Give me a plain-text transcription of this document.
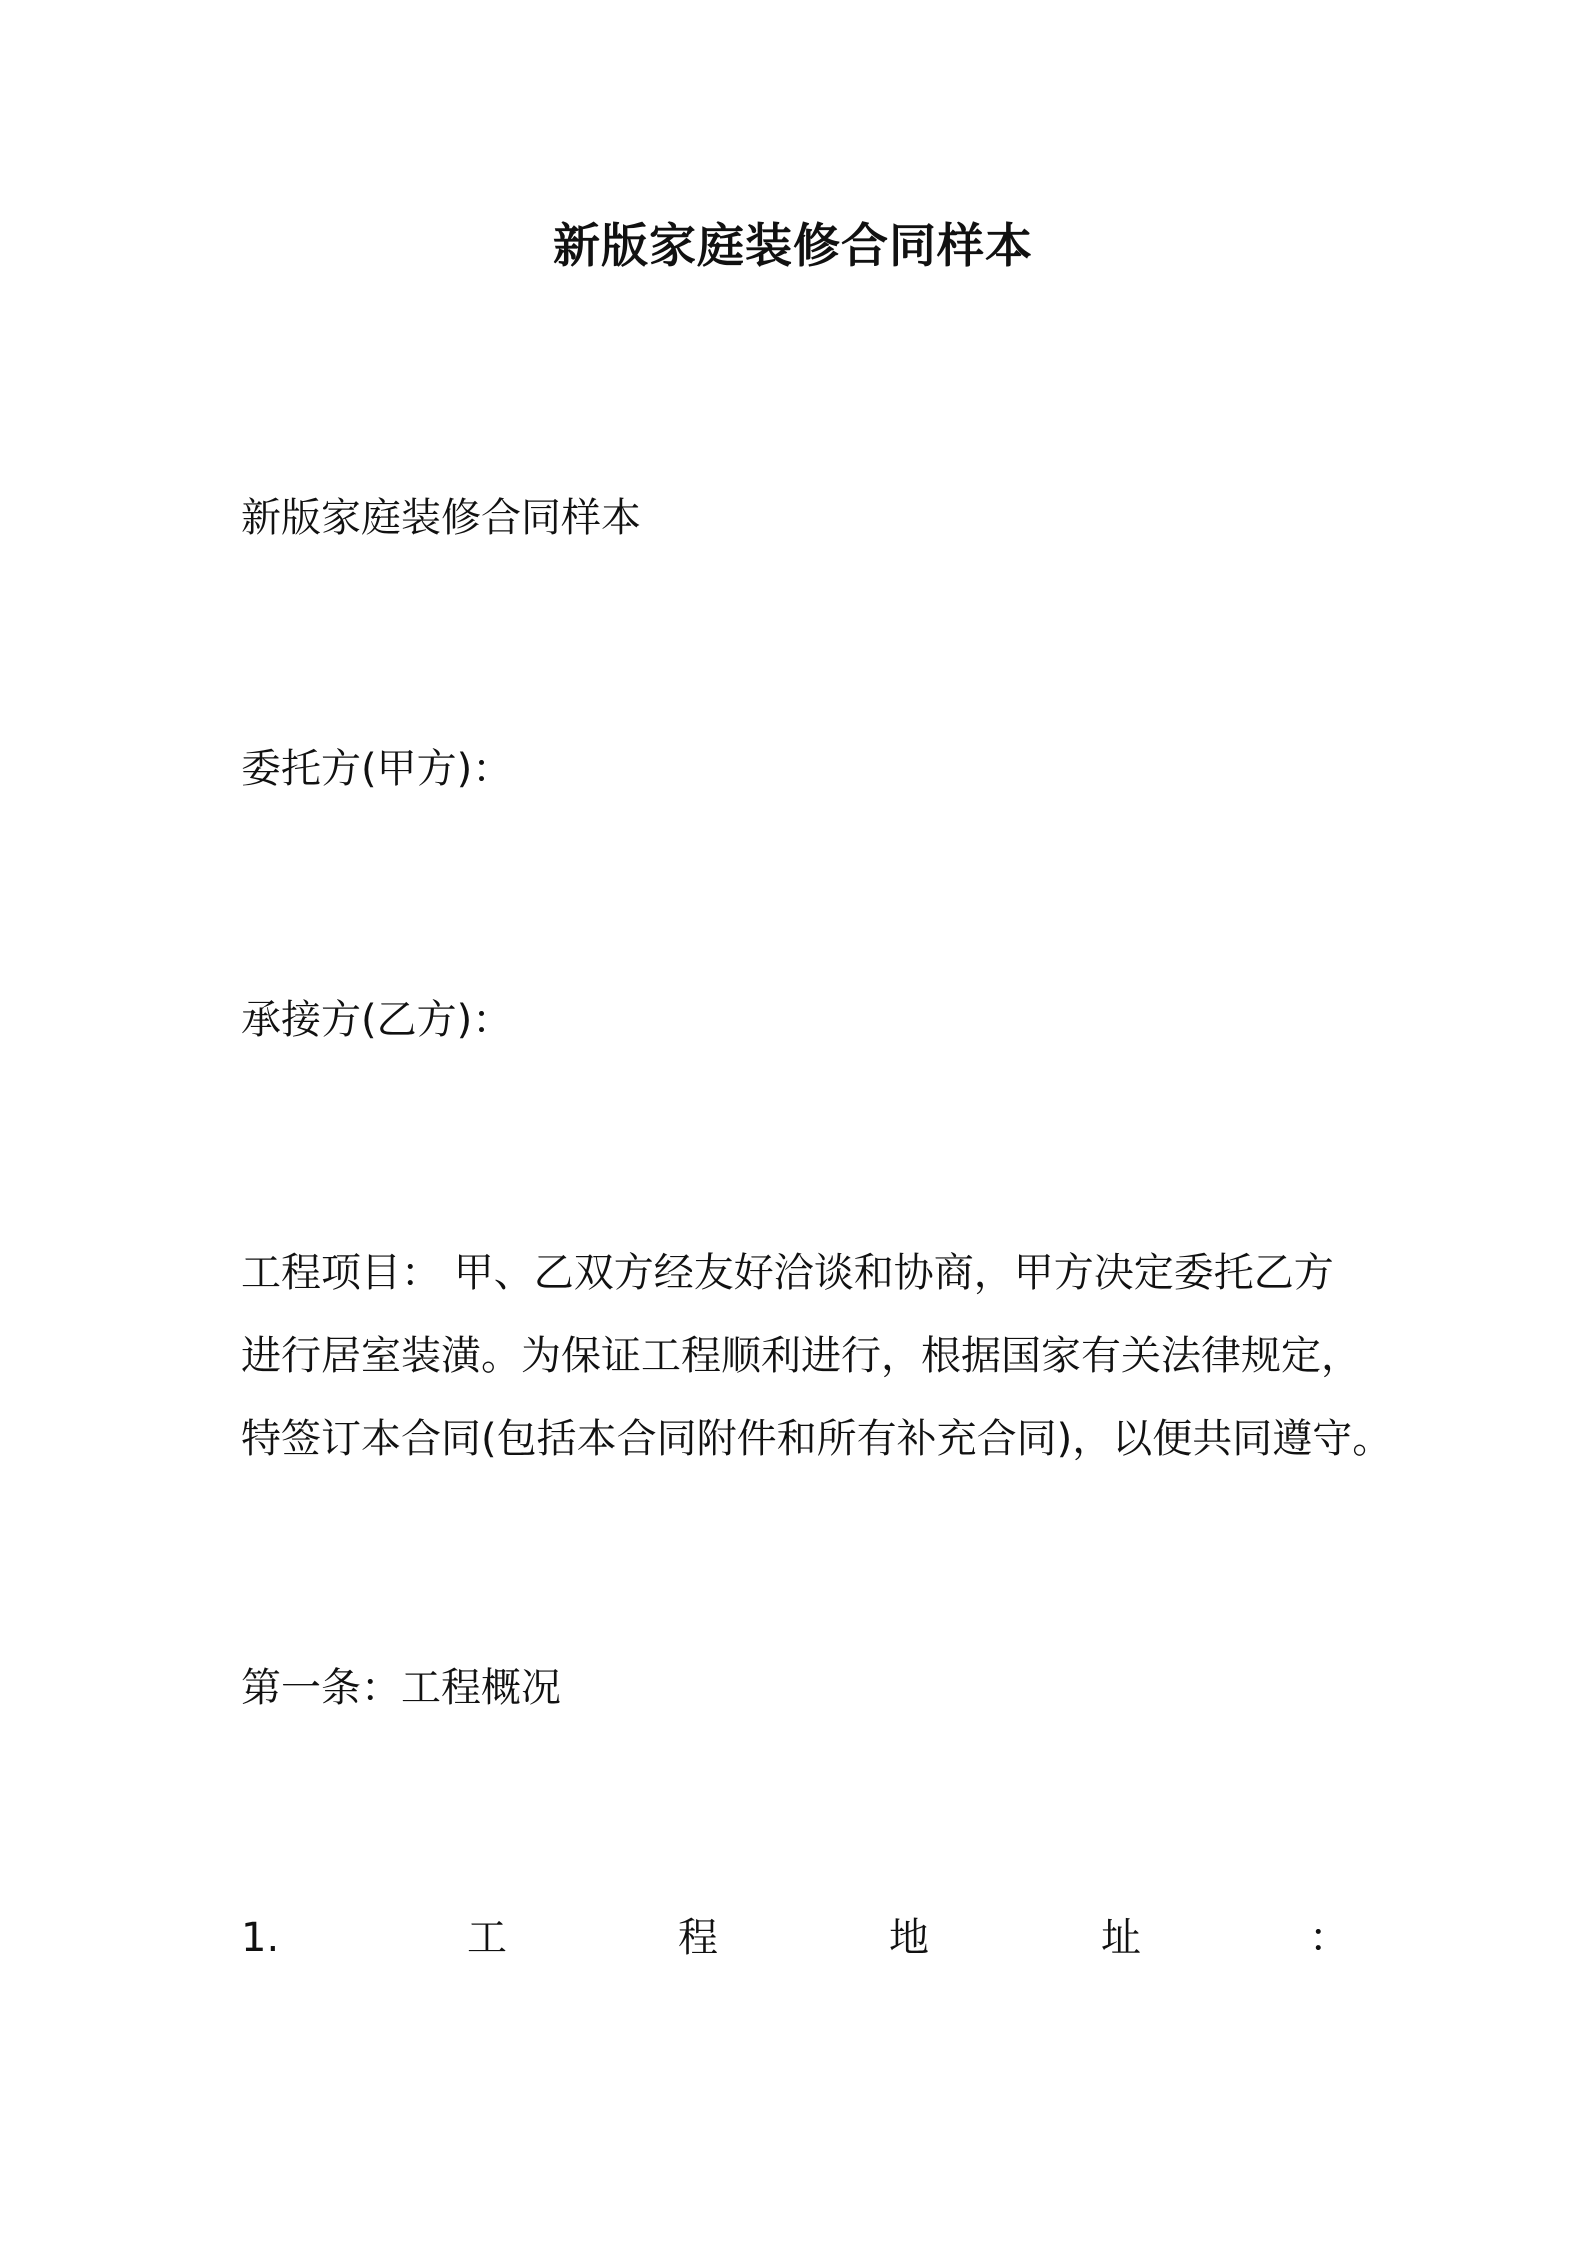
新版家庭装修合同样本
新版家庭装修合同样本
委托方(甲方)：
承接方(乙方)：
工程项目： 甲、乙双方经友好洽谈和协商，甲方决定委托乙方
进行居室装潢。为保证工程顺利进行，根据国家有关法律规定，
特签订本合同(包括本合同附件和所有补充合同)，以便共同遵守。
第一条：工程概况
1.	工	程	地	址	：
